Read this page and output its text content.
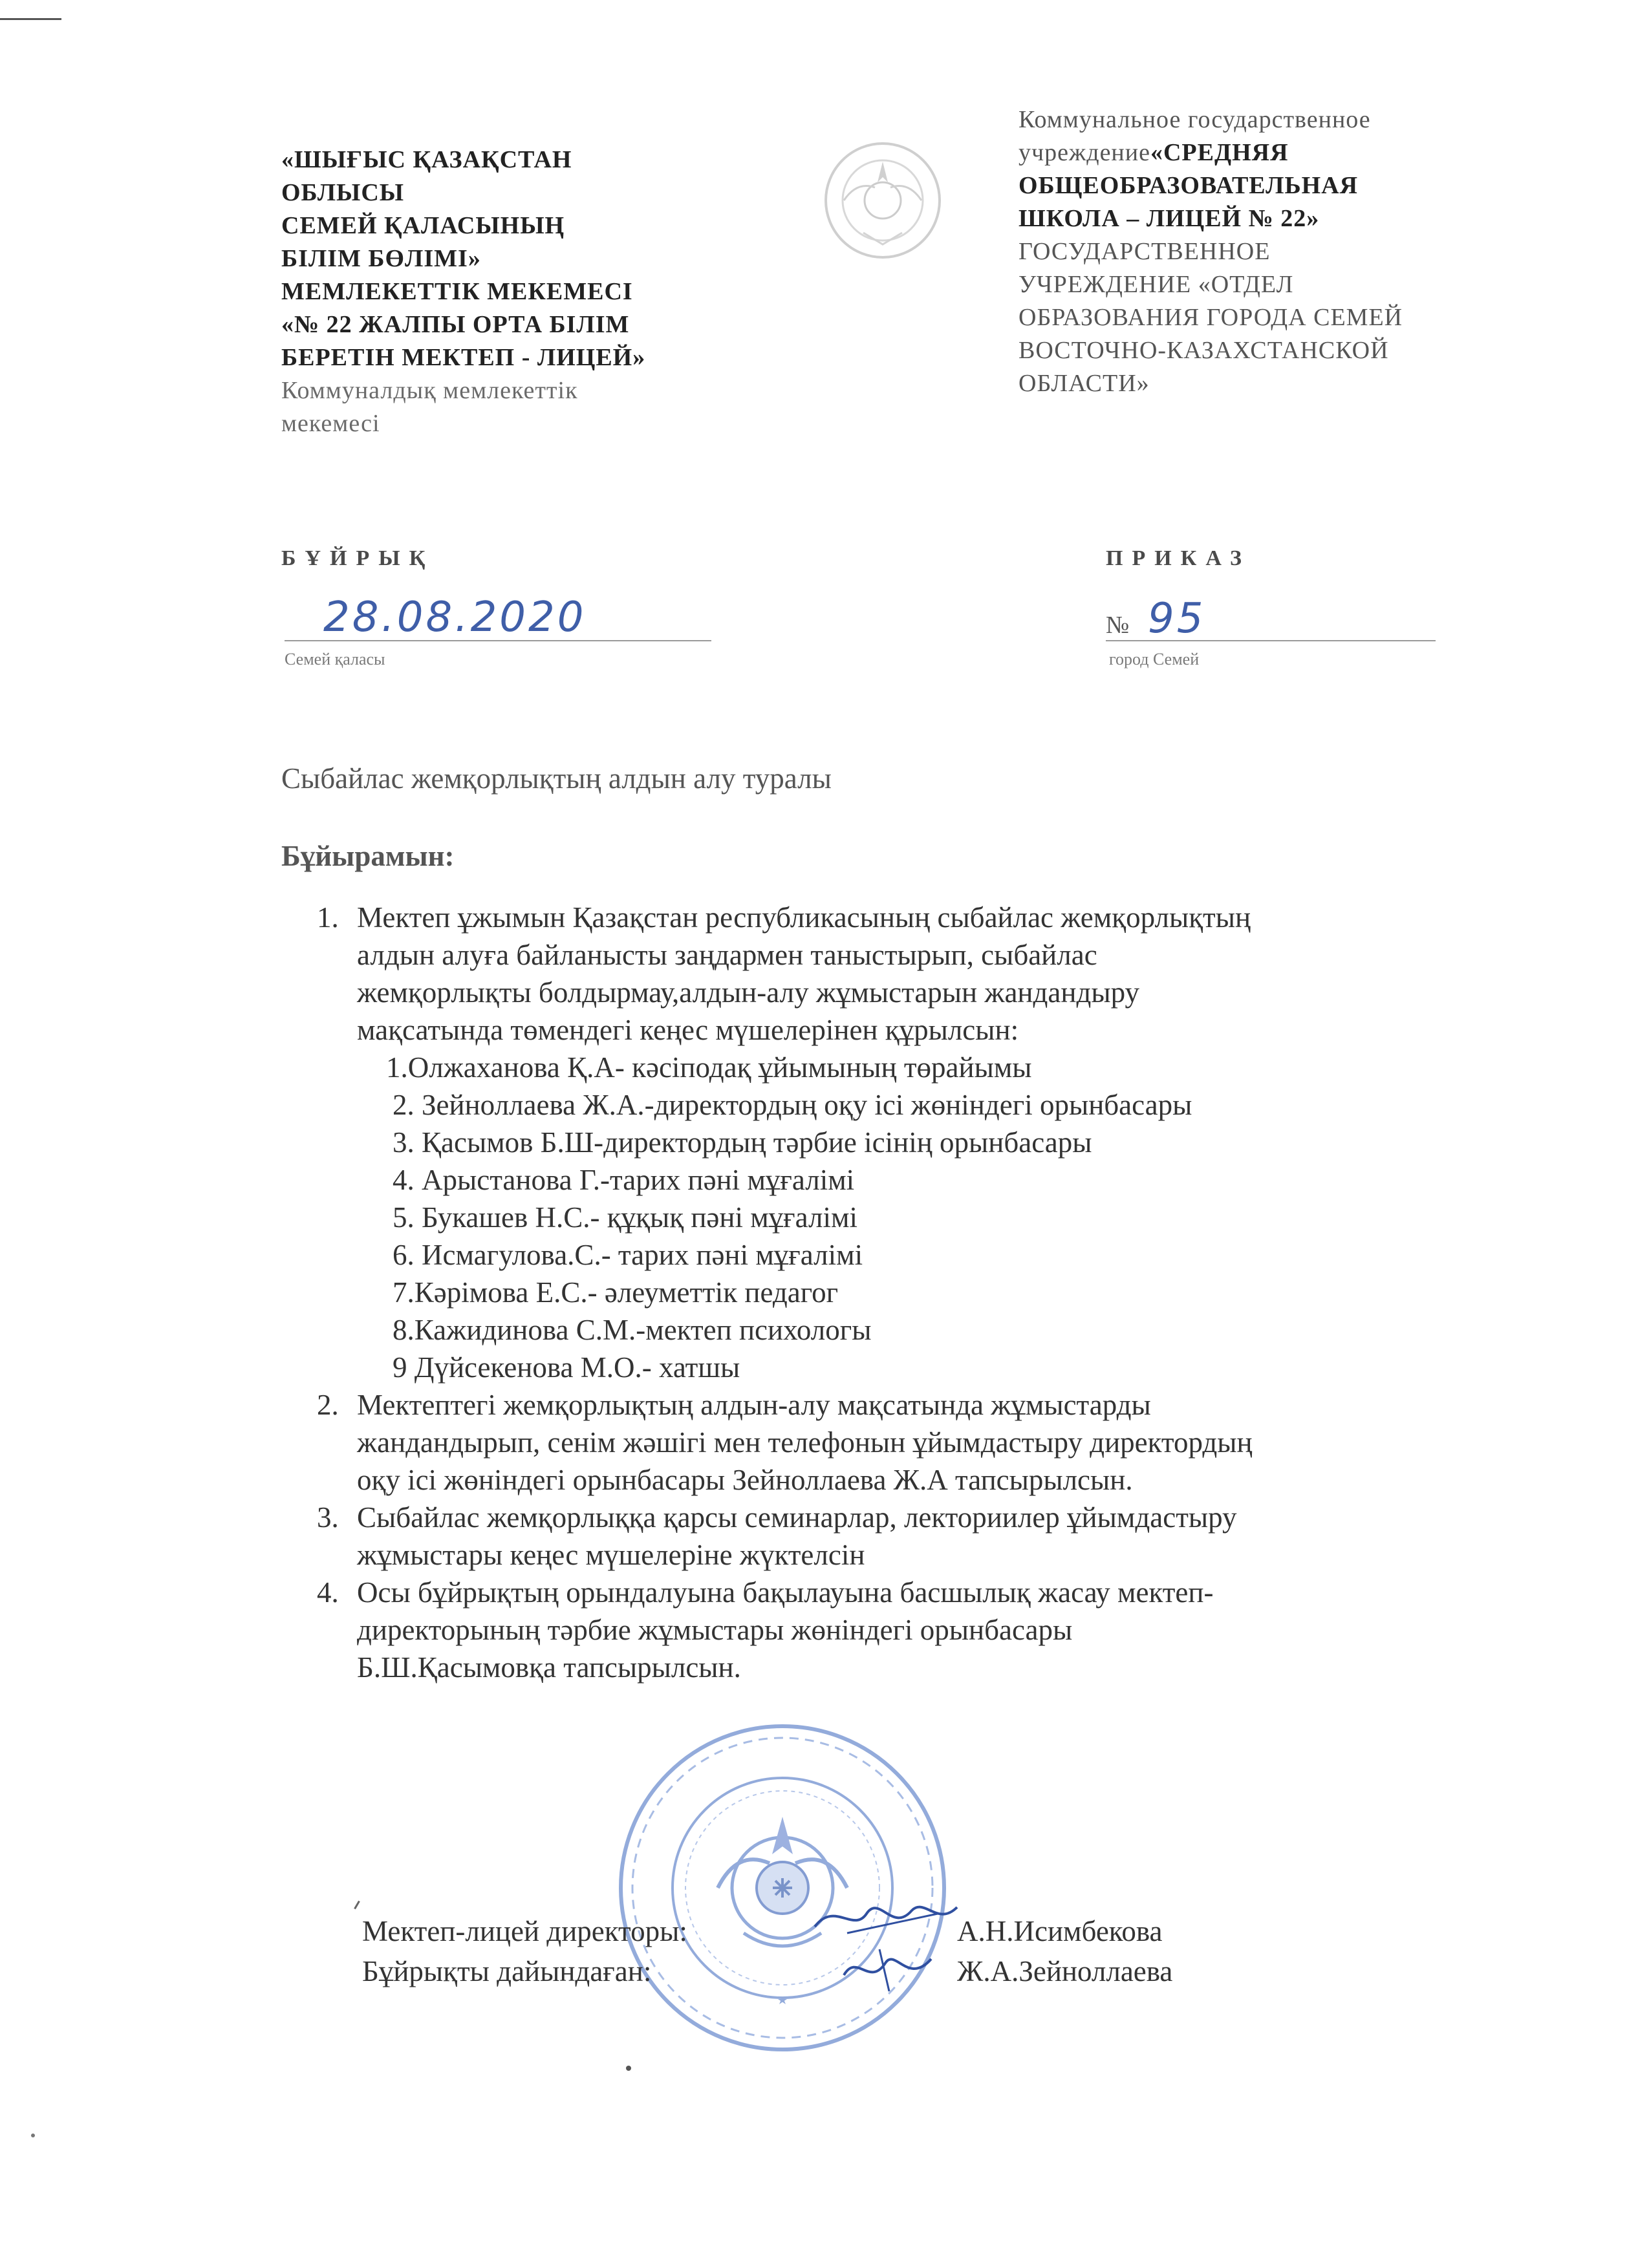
«ШЫҒЫС ҚАЗАҚСТАН
ОБЛЫСЫ
СЕМЕЙ ҚАЛАСЫНЫҢ
БІЛІМ БӨЛІМІ»
МЕМЛЕКЕТТІК МЕКЕМЕСІ
«№ 22 ЖАЛПЫ ОРТА БІЛІМ
БЕРЕТІН МЕКТЕП - ЛИЦЕЙ»
Коммуналдық мемлекеттік
мекемесі
Коммунальное государственное
учреждение«СРЕДНЯЯ
ОБЩЕОБРАЗОВАТЕЛЬНАЯ
ШКОЛА – ЛИЦЕЙ № 22»
ГОСУДАРСТВЕННОЕ
УЧРЕЖДЕНИЕ «ОТДЕЛ
ОБРАЗОВАНИЯ ГОРОДА СЕМЕЙ
ВОСТОЧНО-КАЗАХСТАНСКОЙ
ОБЛАСТИ»
БҰЙРЫҚ	ПРИКАЗ
28.08.2020
Семей қаласы
№ 95
город Семей
Сыбайлас жемқорлықтың алдын алу туралы
Бұйырамын:
1. Мектеп ұжымын Қазақстан республикасының сыбайлас жемқорлықтың
алдын алуға байланысты заңдармен таныстырып, сыбайлас
жемқорлықты болдырмау,алдын-алу жұмыстарын жандандыру
мақсатында төмендегі кеңес мүшелерінен құрылсын:
1.Олжаханова Қ.А- кәсіподақ ұйымының төрайымы
2. Зейноллаева Ж.А.-директордың оқу ісі жөніндегі орынбасары
3. Қасымов Б.Ш-директордың тәрбие ісінің орынбасары
4. Арыстанова Г.-тарих пәні мұғалімі
5. Букашев Н.С.- құқық пәні мұғалімі
6. Исмагулова.С.- тарих пәні мұғалімі
7.Кәрімова Е.С.- әлеуметтік педагог
8.Кажидинова С.М.-мектеп психологы
9 Дүйсекенова М.О.- хатшы
2. Мектептегі жемқорлықтың алдын-алу мақсатында жұмыстарды
жандандырып, сенім жәшігі мен телефонын ұйымдастыру директордың
оқу ісі жөніндегі орынбасары Зейноллаева Ж.А тапсырылсын.
3. Сыбайлас жемқорлыққа қарсы семинарлар, лекториилер ұйымдастыру
жұмыстары кеңес мүшелеріне жүктелсін
4. Осы бұйрықтың орындалуына бақылауына басшылық жасау мектеп-
директорының тәрбие жұмыстары жөніндегі орынбасары
Б.Ш.Қасымовқа тапсырылсын.
Мектеп-лицей директоры:	А.Н.Исимбекова
Бұйрықты дайындаған:	Ж.А.Зейноллаева
